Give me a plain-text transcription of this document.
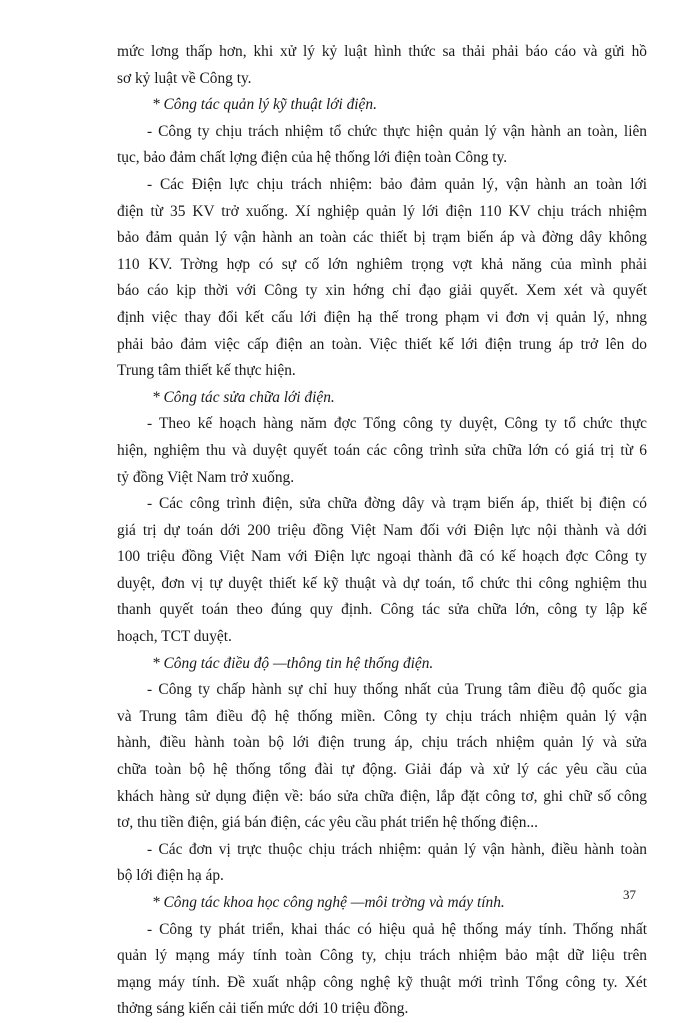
mức lơng thấp hơn, khi xử lý kỷ luật hình thức sa thải phải báo cáo và gửi hồ
sơ kỷ luật về Công ty.
* Công tác quản lý kỹ thuật lới điện.
- Công ty chịu trách nhiệm tổ chức thực hiện quản lý vận hành an toàn, liên
tục, bảo đảm chất lợng điện của hệ thống lới điện toàn Công ty.
- Các Điện lực chịu trách nhiệm: bảo đảm quản lý, vận hành an toàn lới
điện từ 35 KV trở xuống. Xí nghiệp quản lý lới điện 110 KV chịu trách nhiệm
bảo đảm quản lý vận hành an toàn các thiết bị trạm biến áp và đờng dây không
110 KV. Trờng hợp có sự cố lớn nghiêm trọng vợt khả năng của mình phải
báo cáo kịp thời với Công ty xin hớng chỉ đạo giải quyết. Xem xét và quyết
định việc thay đổi kết cấu lới điện hạ thế trong phạm vi đơn vị quản lý, nhng
phải bảo đảm việc cấp điện an toàn. Việc thiết kế lới điện trung áp trở lên do
Trung tâm thiết kế thực hiện.
* Công tác sửa chữa lới điện.
- Theo kế hoạch hàng năm đợc Tổng công ty duyệt, Công ty tổ chức thực
hiện, nghiệm thu và duyệt quyết toán các công trình sửa chữa lớn có giá trị từ 6
tỷ đồng Việt Nam trở xuống.
- Các công trình điện, sửa chữa đờng dây và trạm biến áp, thiết bị điện có
giá trị dự toán dới 200 triệu đồng Việt Nam đối với Điện lực nội thành và dới
100 triệu đồng Việt Nam với Điện lực ngoại thành đã có kế hoạch đợc Công ty
duyệt, đơn vị tự duyệt thiết kế kỹ thuật và dự toán, tổ chức thi công nghiệm thu
thanh quyết toán theo đúng quy định. Công tác sửa chữa lớn, công ty lập kế
hoạch, TCT duyệt.
* Công tác điều độ —thông tin hệ thống điện.
- Công ty chấp hành sự chỉ huy thống nhất của Trung tâm điều độ quốc gia
và Trung tâm điều độ hệ thống miền. Công ty chịu trách nhiệm quản lý vận
hành, điều hành toàn bộ lới điện trung áp, chịu trách nhiệm quản lý và sửa
chữa toàn bộ hệ thống tổng đài tự động. Giải đáp và xử lý các yêu cầu của
khách hàng sử dụng điện về: báo sửa chữa điện, lắp đặt công tơ, ghi chữ số công
tơ, thu tiền điện, giá bán điện, các yêu cầu phát triển hệ thống điện...
- Các đơn vị trực thuộc chịu trách nhiệm: quản lý vận hành, điều hành toàn
bộ lới điện hạ áp.
* Công tác khoa học công nghệ —môi trờng và máy tính.
- Công ty phát triển, khai thác có hiệu quả hệ thống máy tính. Thống nhất
quản lý mạng máy tính toàn Công ty, chịu trách nhiệm bảo mật dữ liệu trên
mạng máy tính. Đề xuất nhập công nghệ kỹ thuật mới trình Tổng công ty. Xét
thởng sáng kiến cải tiến mức dới 10 triệu đồng.
37
